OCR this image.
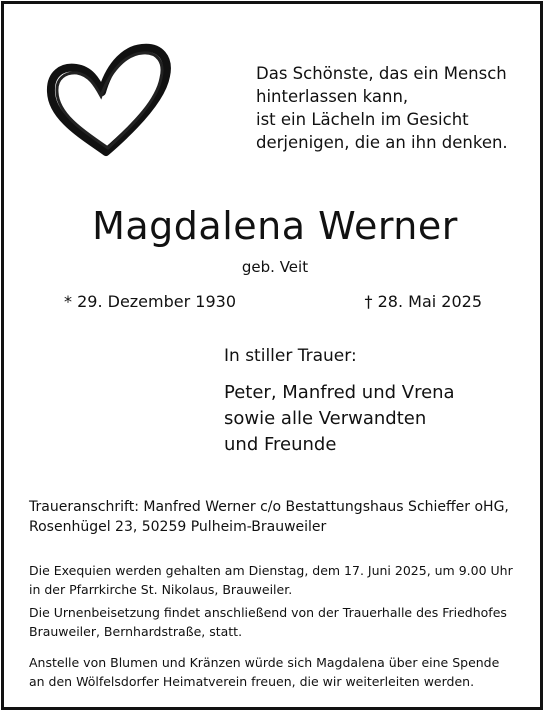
Das Schönste, das ein Mensch
hinterlassen kann,
ist ein Lächeln im Gesicht
derjenigen, die an ihn denken.
Magdalena Werner
geb. Veit
* 29. Dezember 1930	† 28. Mai 2025
In stiller Trauer:
Peter, Manfred und Vrena
sowie alle Verwandten
und Freunde
Traueranschrift: Manfred Werner c/o Bestattungshaus Schieffer oHG,
Rosenhügel 23, 50259 Pulheim-Brauweiler
Die Exequien werden gehalten am Dienstag, dem 17. Juni 2025, um 9.00 Uhr
in der Pfarrkirche St. Nikolaus, Brauweiler.
Die Urnenbeisetzung findet anschließend von der Trauerhalle des Friedhofes
Brauweiler, Bernhardstraße, statt.
Anstelle von Blumen und Kränzen würde sich Magdalena über eine Spende
an den Wölfelsdorfer Heimatverein freuen, die wir weiterleiten werden.
